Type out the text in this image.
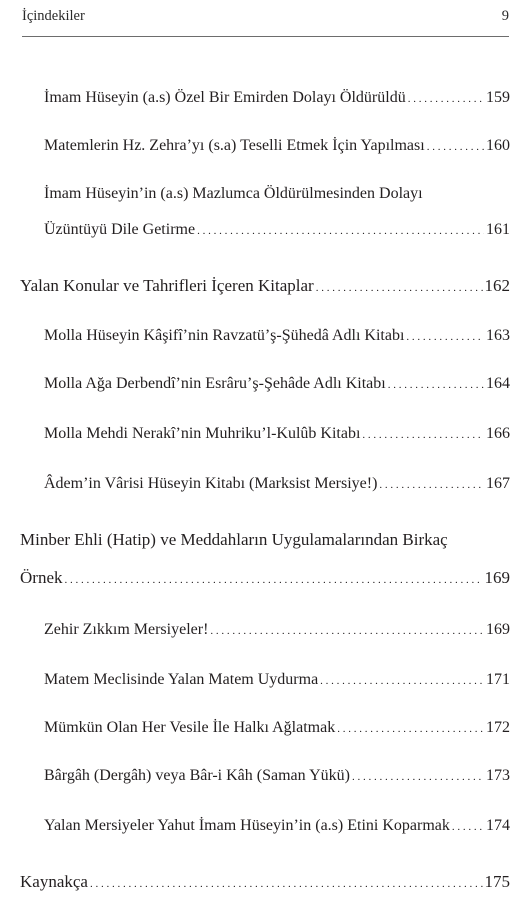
İçindekiler	9
İmam Hüseyin (a.s) Özel Bir Emirden Dolayı Öldürüldü . . .	159
Matemlerin Hz. Zehra’yı (s.a) Teselli Etmek İçin Yapılması . . .	160
İmam Hüseyin’in (a.s) Mazlumca Öldürülmesinden Dolayı
Üzüntüyü Dile Getirme . . .	161
Yalan Konular ve Tahrifleri İçeren Kitaplar . . .	162
Molla Hüseyin Kâşifî’nin Ravzatü’ş-Şühedâ Adlı Kitabı . . .	163
Molla Ağa Derbendî’nin Esrâru’ş-Şehâde Adlı Kitabı . . .	164
Molla Mehdi Nerakî’nin Muhriku’l-Kulûb Kitabı . . .	166
Âdem’in Vârisi Hüseyin Kitabı (Marksist Mersiye!) . . .	167
Minber Ehli (Hatip) ve Meddahların Uygulamalarından Birkaç
Örnek . . .	169
Zehir Zıkkım Mersiyeler! . . .	169
Matem Meclisinde Yalan Matem Uydurma . . .	171
Mümkün Olan Her Vesile İle Halkı Ağlatmak . . .	172
Bârgâh (Dergâh) veya Bâr-i Kâh (Saman Yükü) . . .	173
Yalan Mersiyeler Yahut İmam Hüseyin’in (a.s) Etini Koparmak . . . 174
Kaynakça . . .	175
